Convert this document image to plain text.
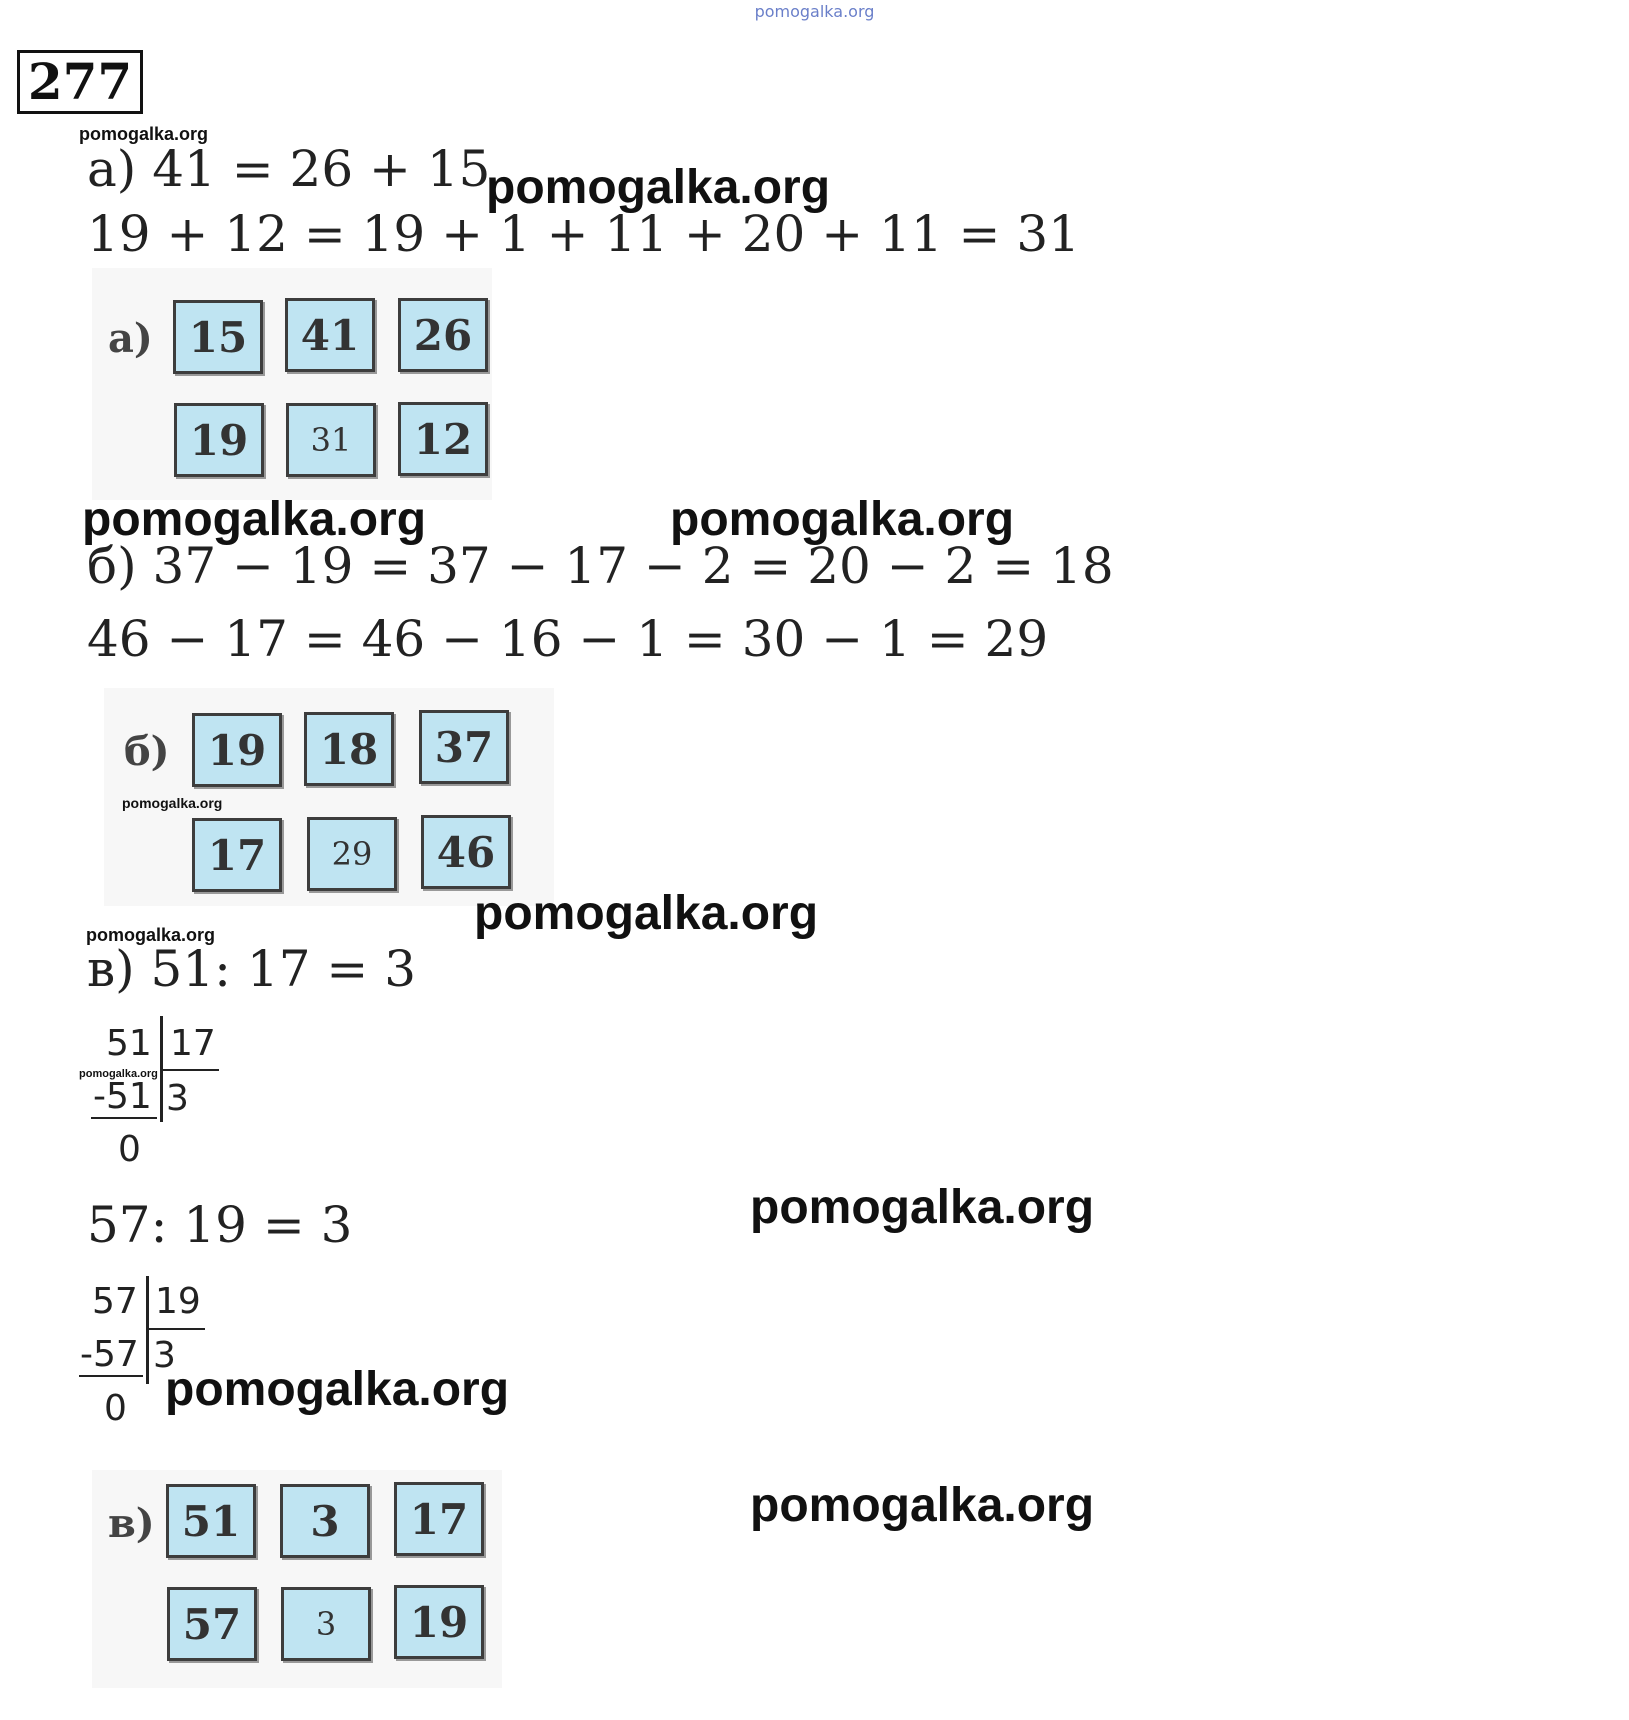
pomogalka.org
277
pomogalka.org
а) 41 = 26 + 15
pomogalka.org
19 + 12 = 19 + 1 + 11 + 20 + 11 = 31
а) 15	41	26
19	31	12
pomogalka.org	pomogalka.org
б) 37 − 19 = 37 − 17 − 2 = 20 − 2 = 18
46 − 17 = 46 − 16 − 1 = 30 − 1 = 29
б) 19	18	37
pomogalka.org
17	29	46
pomogalka.org
pomogalka.org
в) 51: 17 = 3
51 17
pomogalka.org
-51 3
0
57: 19 = 3	pomogalka.org
57 19
-57 3
0 pomogalka.org
в) 51	3	17
57	3	19
pomogalka.org
